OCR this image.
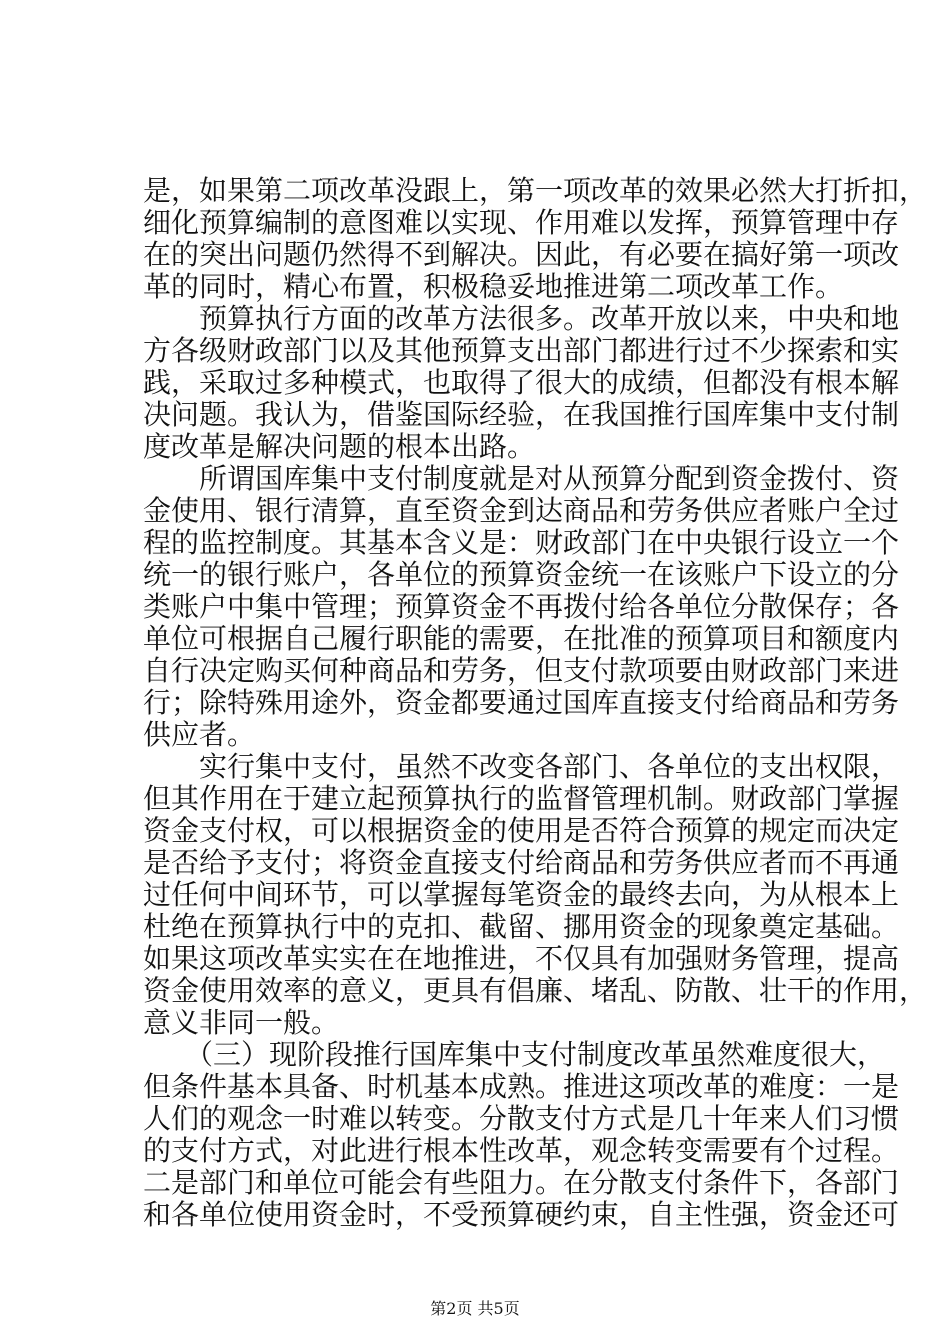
是，如果第二项改革没跟上，第一项改革的效果必然大打折扣，
细化预算编制的意图难以实现、作用难以发挥，预算管理中存
在的突出问题仍然得不到解决。因此，有必要在搞好第一项改
革的同时，精心布置，积极稳妥地推进第二项改革工作。
　　预算执行方面的改革方法很多。改革开放以来，中央和地
方各级财政部门以及其他预算支出部门都进行过不少探索和实
践，采取过多种模式，也取得了很大的成绩，但都没有根本解
决问题。我认为，借鉴国际经验，在我国推行国库集中支付制
度改革是解决问题的根本出路。
　　所谓国库集中支付制度就是对从预算分配到资金拨付、资
金使用、银行清算，直至资金到达商品和劳务供应者账户全过
程的监控制度。其基本含义是：财政部门在中央银行设立一个
统一的银行账户，各单位的预算资金统一在该账户下设立的分
类账户中集中管理；预算资金不再拨付给各单位分散保存；各
单位可根据自己履行职能的需要，在批准的预算项目和额度内
自行决定购买何种商品和劳务，但支付款项要由财政部门来进
行；除特殊用途外，资金都要通过国库直接支付给商品和劳务
供应者。
　　实行集中支付，虽然不改变各部门、各单位的支出权限，
但其作用在于建立起预算执行的监督管理机制。财政部门掌握
资金支付权，可以根据资金的使用是否符合预算的规定而决定
是否给予支付；将资金直接支付给商品和劳务供应者而不再通
过任何中间环节，可以掌握每笔资金的最终去向，为从根本上
杜绝在预算执行中的克扣、截留、挪用资金的现象奠定基础。
如果这项改革实实在在地推进，不仅具有加强财务管理，提高
资金使用效率的意义，更具有倡廉、堵乱、防散、壮干的作用，
意义非同一般。
　　（三）现阶段推行国库集中支付制度改革虽然难度很大，
但条件基本具备、时机基本成熟。推进这项改革的难度：一是
人们的观念一时难以转变。分散支付方式是几十年来人们习惯
的支付方式，对此进行根本性改革，观念转变需要有个过程。
二是部门和单位可能会有些阻力。在分散支付条件下，各部门
和各单位使用资金时，不受预算硬约束，自主性强，资金还可
第2页 共5页
